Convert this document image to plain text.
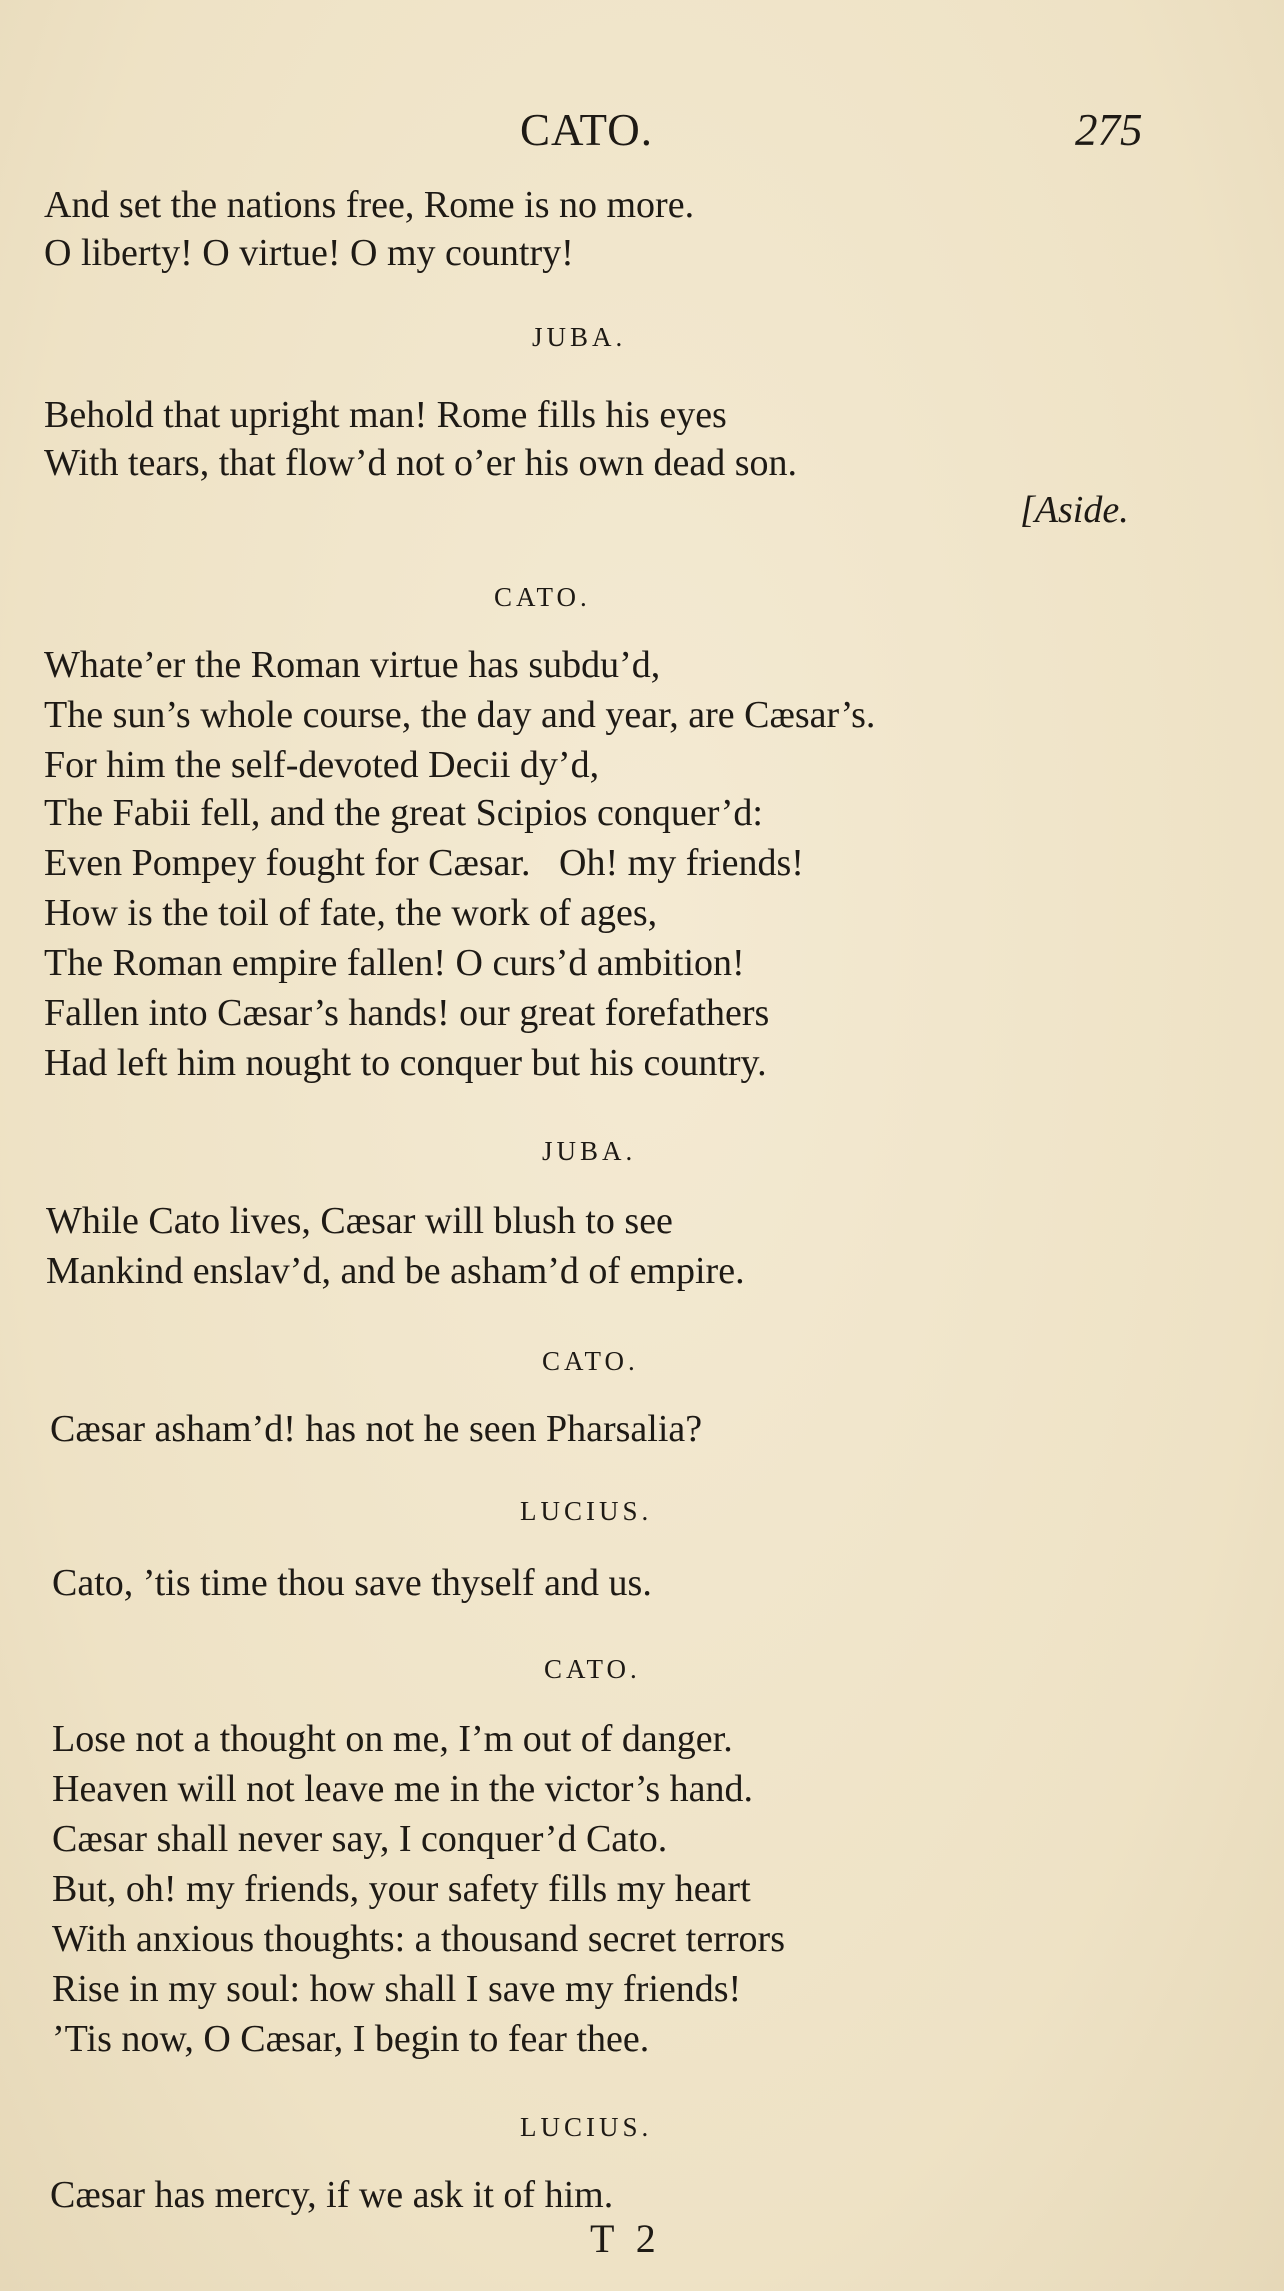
CATO.	275
And set the nations free, Rome is no more.
O liberty! O virtue! O my country!
JUBA.
Behold that upright man! Rome fills his eyes
With tears, that flow’d not o’er his own dead son.
[Aside.
CATO.
Whate’er the Roman virtue has subdu’d,
The sun’s whole course, the day and year, are Cæsar’s.
For him the self-devoted Decii dy’d,
The Fabii fell, and the great Scipios conquer’d:
Even Pompey fought for Cæsar.   Oh! my friends!
How is the toil of fate, the work of ages,
The Roman empire fallen! O curs’d ambition!
Fallen into Cæsar’s hands! our great forefathers
Had left him nought to conquer but his country.
JUBA.
While Cato lives, Cæsar will blush to see
Mankind enslav’d, and be asham’d of empire.
CATO.
Cæsar asham’d! has not he seen Pharsalia?
LUCIUS.
Cato, ’tis time thou save thyself and us.
CATO.
Lose not a thought on me, I’m out of danger.
Heaven will not leave me in the victor’s hand.
Cæsar shall never say, I conquer’d Cato.
But, oh! my friends, your safety fills my heart
With anxious thoughts: a thousand secret terrors
Rise in my soul: how shall I save my friends!
’Tis now, O Cæsar, I begin to fear thee.
LUCIUS.
Cæsar has mercy, if we ask it of him.
T 2
